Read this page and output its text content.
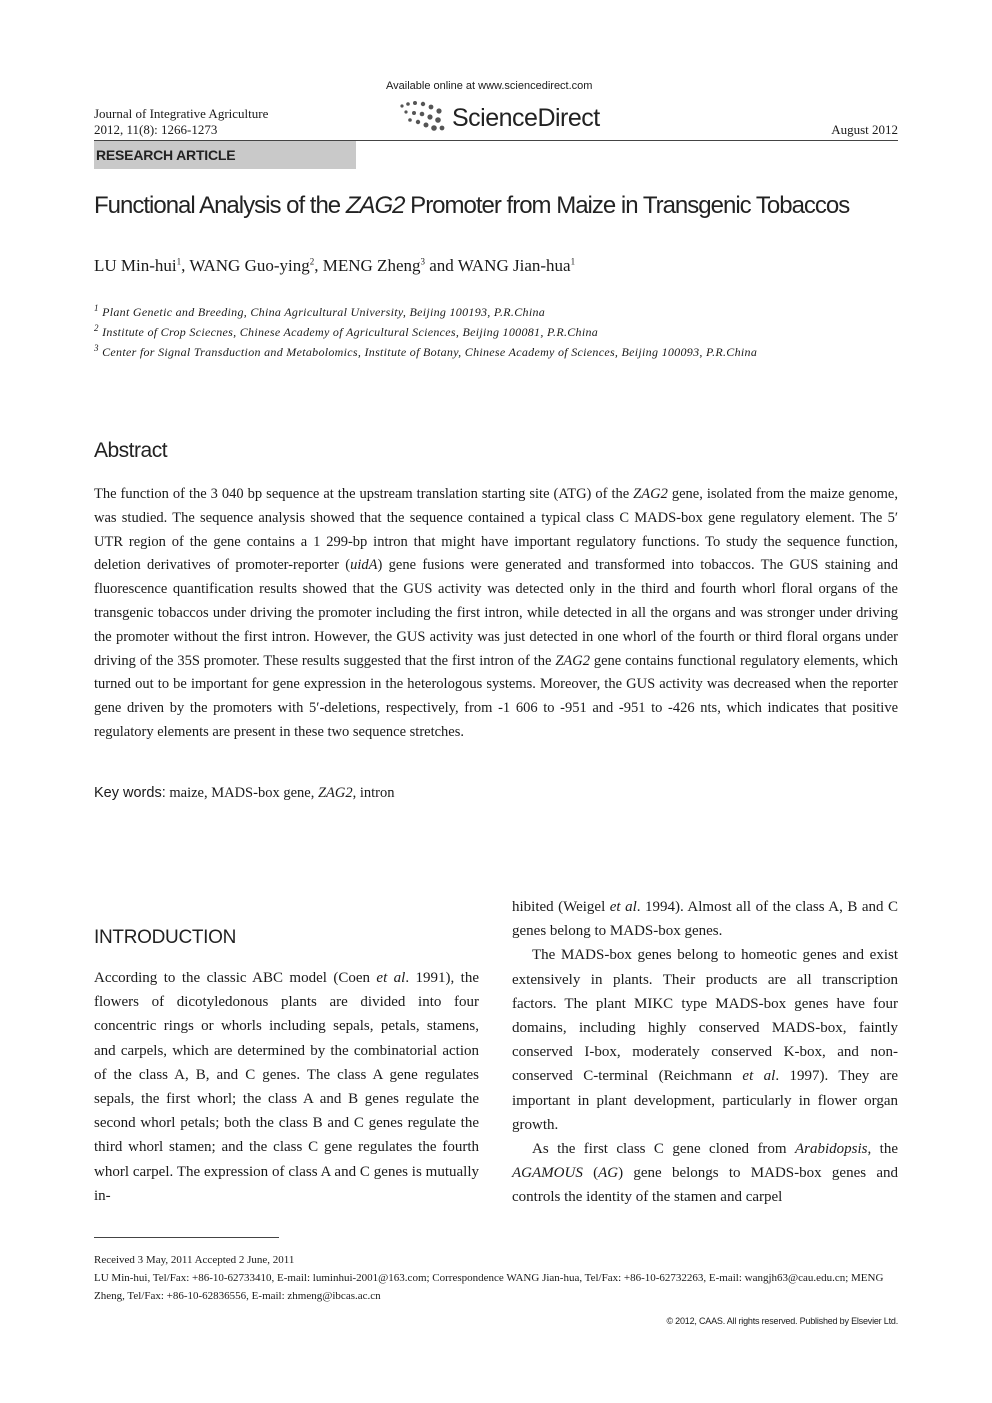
Journal of Integrative Agriculture
2012, 11(8): 1266-1273
Available online at www.sciencedirect.com
ScienceDirect	August 2012
RESEARCH ARTICLE
Functional Analysis of the ZAG2 Promoter from Maize in Transgenic Tobaccos
LU Min-hui$^1$, WANG Guo-ying$^2$, MENG Zheng$^3$ and WANG Jian-hua$^1$
$^1$ Plant Genetic and Breeding, China Agricultural University, Beijing 100193, P.R.China
$^2$ Institute of Crop Sciecnes, Chinese Academy of Agricultural Sciences, Beijing 100081, P.R.China
$^3$ Center for Signal Transduction and Metabolomics, Institute of Botany, Chinese Academy of Sciences, Beijing 100093, P.R.China
Abstract
The function of the 3 040 bp sequence at the upstream translation starting site (ATG) of the ZAG2 gene, isolated from the maize genome, was studied. The sequence analysis showed that the sequence contained a typical class C MADS-box gene regulatory element. The 5′ UTR region of the gene contains a 1 299-bp intron that might have important regulatory functions. To study the sequence function, deletion derivatives of promoter-reporter (uidA) gene fusions were generated and transformed into tobaccos. The GUS staining and fluorescence quantification results showed that the GUS activity was detected only in the third and fourth whorl floral organs of the transgenic tobaccos under driving the promoter including the first intron, while detected in all the organs and was stronger under driving the promoter without the first intron. However, the GUS activity was just detected in one whorl of the fourth or third floral organs under driving of the 35S promoter. These results suggested that the first intron of the ZAG2 gene contains functional regulatory elements, which turned out to be important for gene expression in the heterologous systems. Moreover, the GUS activity was decreased when the reporter gene driven by the promoters with 5′-deletions, respectively, from -1 606 to -951 and -951 to -426 nts, which indicates that positive regulatory elements are present in these two sequence stretches.
Key words: maize, MADS-box gene, ZAG2, intron
INTRODUCTION
According to the classic ABC model (Coen et al. 1991), the flowers of dicotyledonous plants are divided into four concentric rings or whorls including sepals, petals, stamens, and carpels, which are determined by the combinatorial action of the class A, B, and C genes. The class A gene regulates sepals, the first whorl; the class A and B genes regulate the second whorl petals; both the class B and C genes regulate the third whorl stamen; and the class C gene regulates the fourth whorl carpel. The expression of class A and C genes is mutually in-

hibited (Weigel et al. 1994). Almost all of the class A, B and C genes belong to MADS-box genes.

The MADS-box genes belong to homeotic genes and exist extensively in plants. Their products are all transcription factors. The plant MIKC type MADS-box genes have four domains, including highly conserved MADS-box, faintly conserved I-box, moderately conserved K-box, and non-conserved C-terminal (Reichmann et al. 1997). They are important in plant development, particularly in flower organ growth.

As the first class C gene cloned from Arabidopsis, the AGAMOUS (AG) gene belongs to MADS-box genes and controls the identity of the stamen and carpel

Received 3 May, 2011 Accepted 2 June, 2011
LU Min-hui, Tel/Fax: +86-10-62733410, E-mail: luminhui-2001@163.com; Correspondence WANG Jian-hua, Tel/Fax: +86-10-62732263, E-mail: wangjh63@cau.edu.cn; MENG Zheng, Tel/Fax: +86-10-62836556, E-mail: zhmeng@ibcas.ac.cn
© 2012, CAAS. All rights reserved. Published by Elsevier Ltd.
